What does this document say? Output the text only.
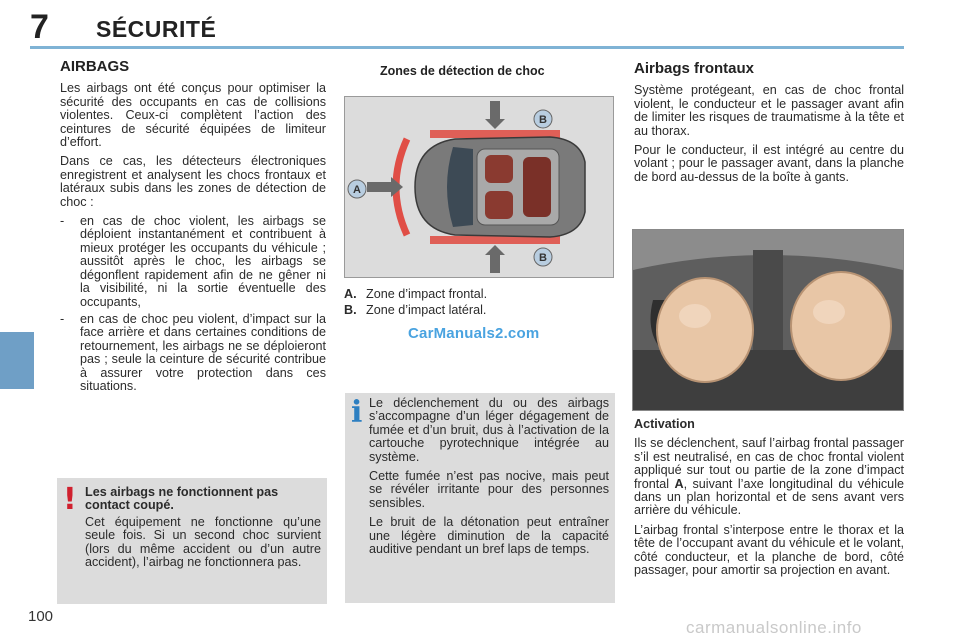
7 SÉCURITÉ
100
AIRBAGS

Les airbags ont été conçus pour optimiser la sécurité des occupants en cas de collisions violentes. Ceux-ci complètent l’action des ceintures de sécurité équipées de limiteur d’effort.

Dans ce cas, les détecteurs électroniques enregistrent et analysent les chocs frontaux et latéraux subis dans les zones de détection de choc :

- en cas de choc violent, les airbags se déploient instantanément et contribuent à mieux protéger les occupants du véhicule ; aussitôt après le choc, les airbags se dégonflent rapidement afin de ne gêner ni la visibilité, ni la sortie éventuelle des occupants,
- en cas de choc peu violent, d’impact sur la face arrière et dans certaines conditions de retournement, les airbags ne se déploieront pas ; seule la ceinture de sécurité contribue à assurer votre protection dans ces situations.
! Les airbags ne fonctionnent pas contact coupé.

Cet équipement ne fonctionne qu’une seule fois. Si un second choc survient (lors du même accident ou d’un autre accident), l’airbag ne fonctionnera pas.

Zones de détection de choc
A
B
B
A. Zone d’impact frontal.
B. Zone d’impact latéral.
CarManuals2.com
i Le déclenchement du ou des airbags s’accompagne d’un léger dégagement de fumée et d’un bruit, dus à l’activation de la cartouche pyrotechnique intégrée au système.

Cette fumée n’est pas nocive, mais peut se révéler irritante pour des personnes sensibles.

Le bruit de la détonation peut entraîner une légère diminution de la capacité auditive pendant un bref laps de temps.

Airbags frontaux

Système protégeant, en cas de choc frontal violent, le conducteur et le passager avant afin de limiter les risques de traumatisme à la tête et au thorax.

Pour le conducteur, il est intégré au centre du volant ; pour le passager avant, dans la planche de bord au-dessus de la boîte à gants.

Activation

Ils se déclenchent, sauf l’airbag frontal passager s’il est neutralisé, en cas de choc frontal violent appliqué sur tout ou partie de la zone d’impact frontal A, suivant l’axe longitudinal du véhicule dans un plan horizontal et de sens avant vers arrière du véhicule.

L’airbag frontal s’interpose entre le thorax et la tête de l’occupant avant du véhicule et le volant, côté conducteur, et la planche de bord, côté passager, pour amortir sa projection en avant.

carmanualsonline.info
